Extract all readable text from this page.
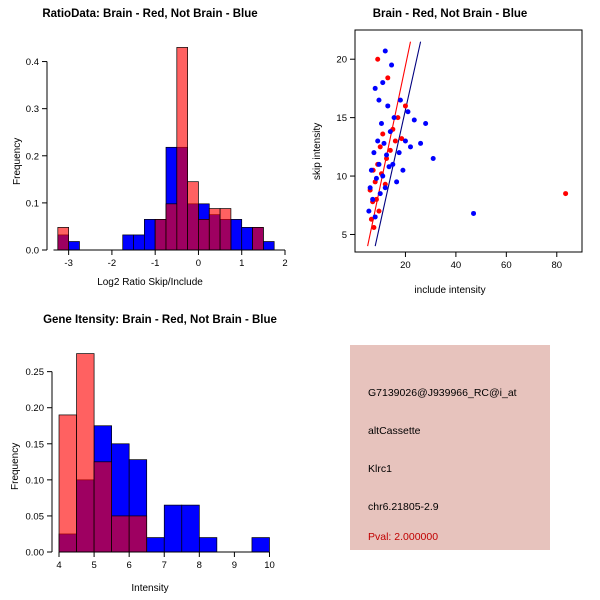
RatioData: Brain - Red, Not Brain - Blue
Log2 Ratio Skip/Include
Frequency
-3	-2	-1	0	1	2
0.0
0.1
0.2
0.3
0.4
Brain - Red, Not Brain - Blue
include intensity
skip intensity
20	40	60	80
5
10
15
20
Gene Itensity: Brain - Red, Not Brain - Blue
Intensity
Frequency
4	5	6	7	8	9	10
0.00
0.05
0.10
0.15
0.20
0.25
G7139026@J939966_RC@i_at
altCassette
Klrc1
chr6.21805-2.9
Pval: 2.000000
